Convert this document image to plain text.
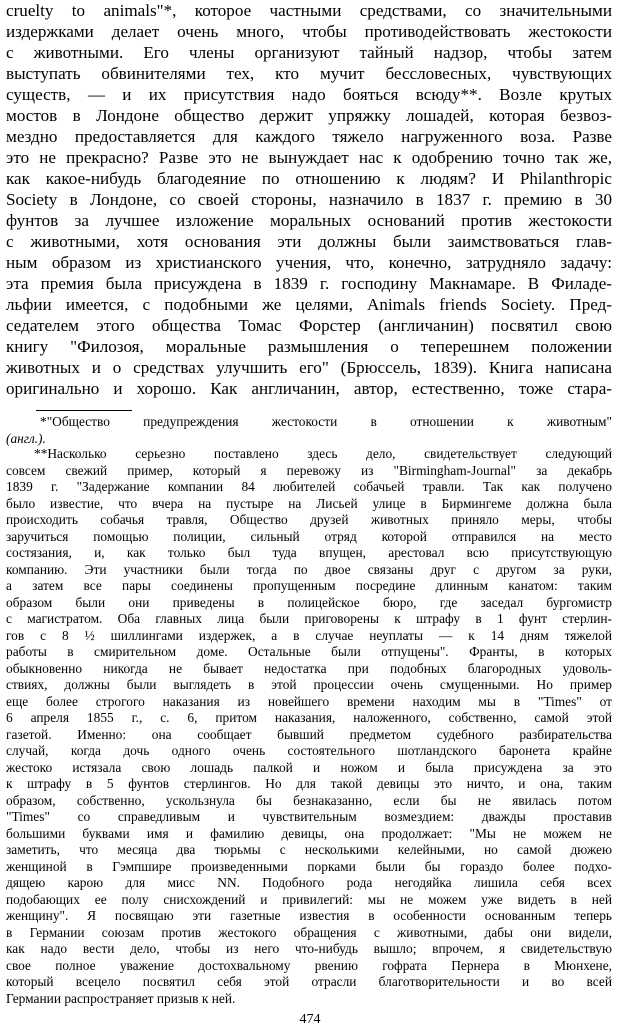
cruelty to animals"*, которое частными средствами, со значительными
издержками делает очень много, чтобы противодействовать жестокости
с животными. Его члены организуют тайный надзор, чтобы затем
выступать обвинителями тех, кто мучит бессловесных, чувствующих
существ, — и их присутствия надо бояться всюду**. Возле крутых
мостов в Лондоне общество держит упряжку лошадей, которая безвоз-
мездно предоставляется для каждого тяжело нагруженного воза. Разве
это не прекрасно? Разве это не вынуждает нас к одобрению точно так же,
как какое-нибудь благодеяние по отношению к людям? И Philanthropic
Society в Лондоне, со своей стороны, назначило в 1837 г. премию в 30
фунтов за лучшее изложение моральных оснований против жестокости
с животными, хотя основания эти должны были заимствоваться глав-
ным образом из христианского учения, что, конечно, затрудняло задачу:
эта премия была присуждена в 1839 г. господину Макнамаре. В Филаде-
льфии имеется, с подобными же целями, Animals friends Society. Пред-
седателем этого общества Томас Форстер (англичанин) посвятил свою
книгу "Филозоя, моральные размышления о теперешнем положении
животных и о средствах улучшить его" (Брюссель, 1839). Книга написана
оригинально и хорошо. Как англичанин, автор, естественно, тоже стара-
*"Общество предупреждения жестокости в отношении к животным"
(англ.).
**Насколько серьезно поставлено здесь дело, свидетельствует следующий
совсем свежий пример, который я перевожу из "Birmingham-Journal" за декабрь
1839 г. "Задержание компании 84 любителей собачьей травли. Так как получено
было известие, что вчера на пустыре на Лисьей улице в Бирмингеме должна была
происходить собачья травля, Общество друзей животных приняло меры, чтобы
заручиться помощью полиции, сильный отряд которой отправился на место
состязания, и, как только был туда впущен, арестовал всю присутствующую
компанию. Эти участники были тогда по двое связаны друг с другом за руки,
а затем все пары соединены пропущенным посредине длинным канатом: таким
образом были они приведены в полицейское бюро, где заседал бургомистр
с магистратом. Оба главных лица были приговорены к штрафу в 1 фунт стерлин-
гов с 8 ½ шиллингами издержек, а в случае неуплаты — к 14 дням тяжелой
работы в смирительном доме. Остальные были отпущены". Франты, в которых
обыкновенно никогда не бывает недостатка при подобных благородных удоволь-
ствиях, должны были выглядеть в этой процессии очень смущенными. Но пример
еще более строгого наказания из новейшего времени находим мы в "Times" от
6 апреля 1855 г., с. 6, притом наказания, наложенного, собственно, самой этой
газетой. Именно: она сообщает бывший предметом судебного разбирательства
случай, когда дочь одного очень состоятельного шотландского баронета крайне
жестоко истязала свою лошадь палкой и ножом и была присуждена за это
к штрафу в 5 фунтов стерлингов. Но для такой девицы это ничто, и она, таким
образом, собственно, ускользнула бы безнаказанно, если бы не явилась потом
"Times" со справедливым и чувствительным возмездием: дважды проставив
большими буквами имя и фамилию девицы, она продолжает: "Мы не можем не
заметить, что месяца два тюрьмы с несколькими келейными, но самой дюжею
женщиной в Гэмпшире произведенными порками были бы гораздо более подхо-
дящею карою для мисс NN. Подобного рода негодяйка лишила себя всех
подобающих ее полу снисхождений и привилегий: мы не можем уже видеть в ней
женщину". Я посвящаю эти газетные известия в особенности основанным теперь
в Германии союзам против жестокого обращения с животными, дабы они видели,
как надо вести дело, чтобы из него что-нибудь вышло; впрочем, я свидетельствую
свое полное уважение достохвальному рвению гофрата Пернера в Мюнхене,
который всецело посвятил себя этой отрасли благотворительности и во всей
Германии распространяет призыв к ней.
474
